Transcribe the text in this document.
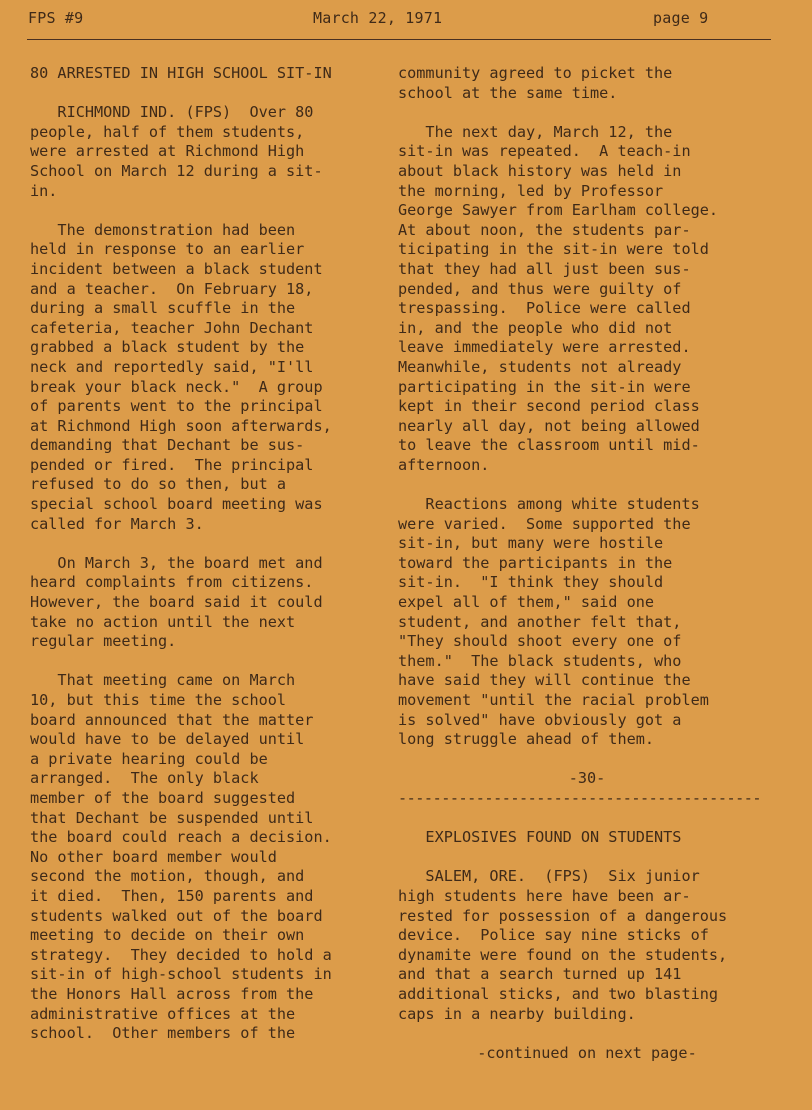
FPS #9	March 22, 1971	page 9
80 ARRESTED IN HIGH SCHOOL SIT-IN
RICHMOND IND. (FPS)  Over 80
people, half of them students,
were arrested at Richmond High
School on March 12 during a sit-
in.
The demonstration had been
held in response to an earlier
incident between a black student
and a teacher.  On February 18,
during a small scuffle in the
cafeteria, teacher John Dechant
grabbed a black student by the
neck and reportedly said, "I'll
break your black neck."  A group
of parents went to the principal
at Richmond High soon afterwards,
demanding that Dechant be sus-
pended or fired.  The principal
refused to do so then, but a
special school board meeting was
called for March 3.
On March 3, the board met and
heard complaints from citizens.
However, the board said it could
take no action until the next
regular meeting.
That meeting came on March
10, but this time the school
board announced that the matter
would have to be delayed until
a private hearing could be
arranged.  The only black
member of the board suggested
that Dechant be suspended until
the board could reach a decision.
No other board member would
second the motion, though, and
it died.  Then, 150 parents and
students walked out of the board
meeting to decide on their own
strategy.  They decided to hold a
sit-in of high-school students in
the Honors Hall across from the
administrative offices at the
school.  Other members of the
community agreed to picket the
school at the same time.
The next day, March 12, the
sit-in was repeated.  A teach-in
about black history was held in
the morning, led by Professor
George Sawyer from Earlham college.
At about noon, the students par-
ticipating in the sit-in were told
that they had all just been sus-
pended, and thus were guilty of
trespassing.  Police were called
in, and the people who did not
leave immediately were arrested.
Meanwhile, students not already
participating in the sit-in were
kept in their second period class
nearly all day, not being allowed
to leave the classroom until mid-
afternoon.
Reactions among white students
were varied.  Some supported the
sit-in, but many were hostile
toward the participants in the
sit-in.  "I think they should
expel all of them," said one
student, and another felt that,
"They should shoot every one of
them."  The black students, who
have said they will continue the
movement "until the racial problem
is solved" have obviously got a
long struggle ahead of them.
-30-
------------------------------------------
EXPLOSIVES FOUND ON STUDENTS
SALEM, ORE.  (FPS)  Six junior
high students here have been ar-
rested for possession of a dangerous
device.  Police say nine sticks of
dynamite were found on the students,
and that a search turned up 141
additional sticks, and two blasting
caps in a nearby building.
-continued on next page-
